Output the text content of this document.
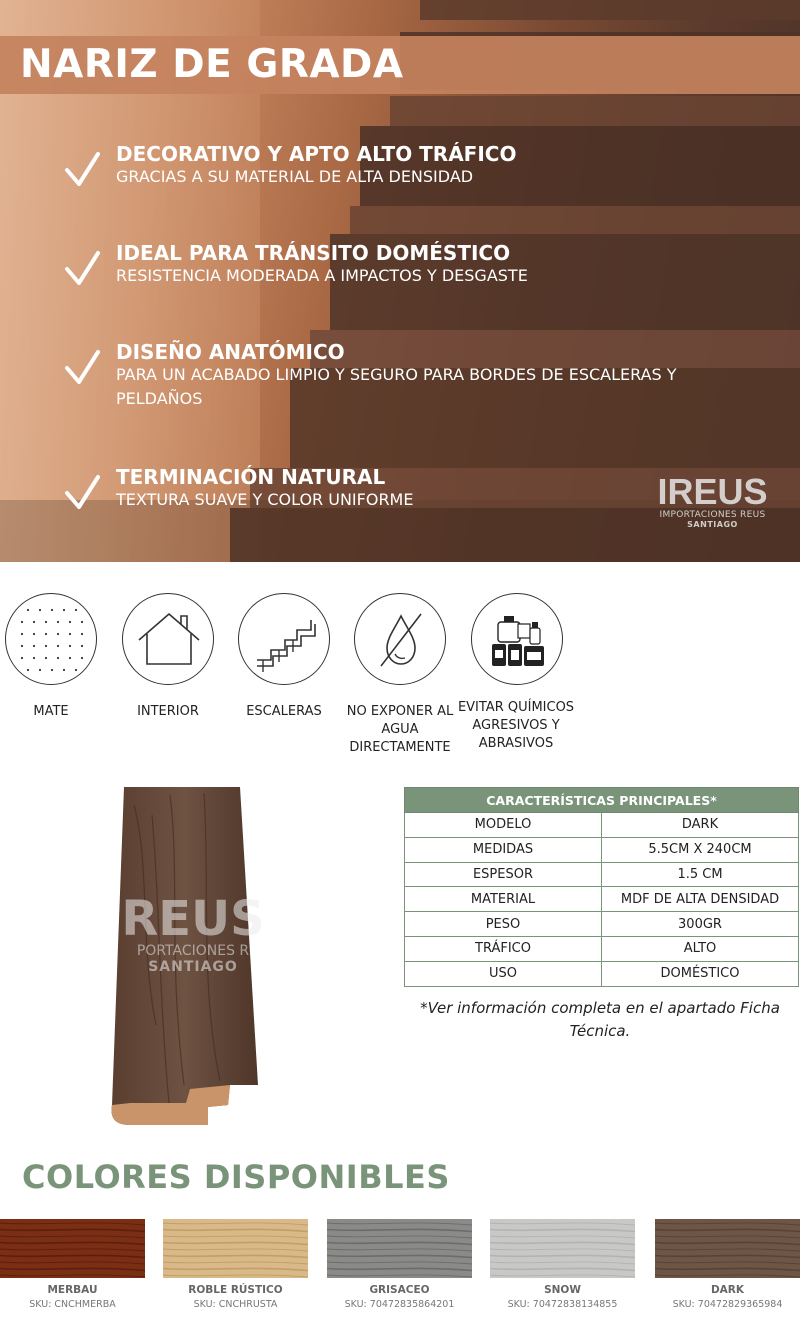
NARIZ DE GRADA
DECORATIVO Y APTO ALTO TRÁFICO
GRACIAS A SU MATERIAL DE ALTA DENSIDAD
IDEAL PARA TRÁNSITO DOMÉSTICO
RESISTENCIA MODERADA A IMPACTOS Y DESGASTE
DISEÑO ANATÓMICO
PARA UN ACABADO LIMPIO Y SEGURO PARA BORDES DE ESCALERAS Y PELDAÑOS
TERMINACIÓN NATURAL
TEXTURA SUAVE Y COLOR UNIFORME	IREUS
IMPORTACIONES REUS
SANTIAGO
MATE	INTERIOR	ESCALERAS	NO EXPONER AL AGUA DIRECTAMENTE
EVITAR QUÍMICOS AGRESIVOS Y ABRASIVOS
REUS
PORTACIONES R
SANTIAGO
CARACTERÍSTICAS PRINCIPALES*	
MODELO	DARK
MEDIDAS	5.5CM X 240CM
ESPESOR	1.5 CM
MATERIAL	MDF DE ALTA DENSIDAD
PESO	300GR
TRÁFICO	ALTO
USO	DOMÉSTICO
*Ver información completa en el apartado Ficha Técnica.
COLORES DISPONIBLES
MERBAU
SKU: CNCHMERBA
ROBLE RÚSTICO
SKU: CNCHRUSTA
GRISACEO
SKU: 70472835864201
SNOW
SKU: 70472838134855
DARK
SKU: 70472829365984
